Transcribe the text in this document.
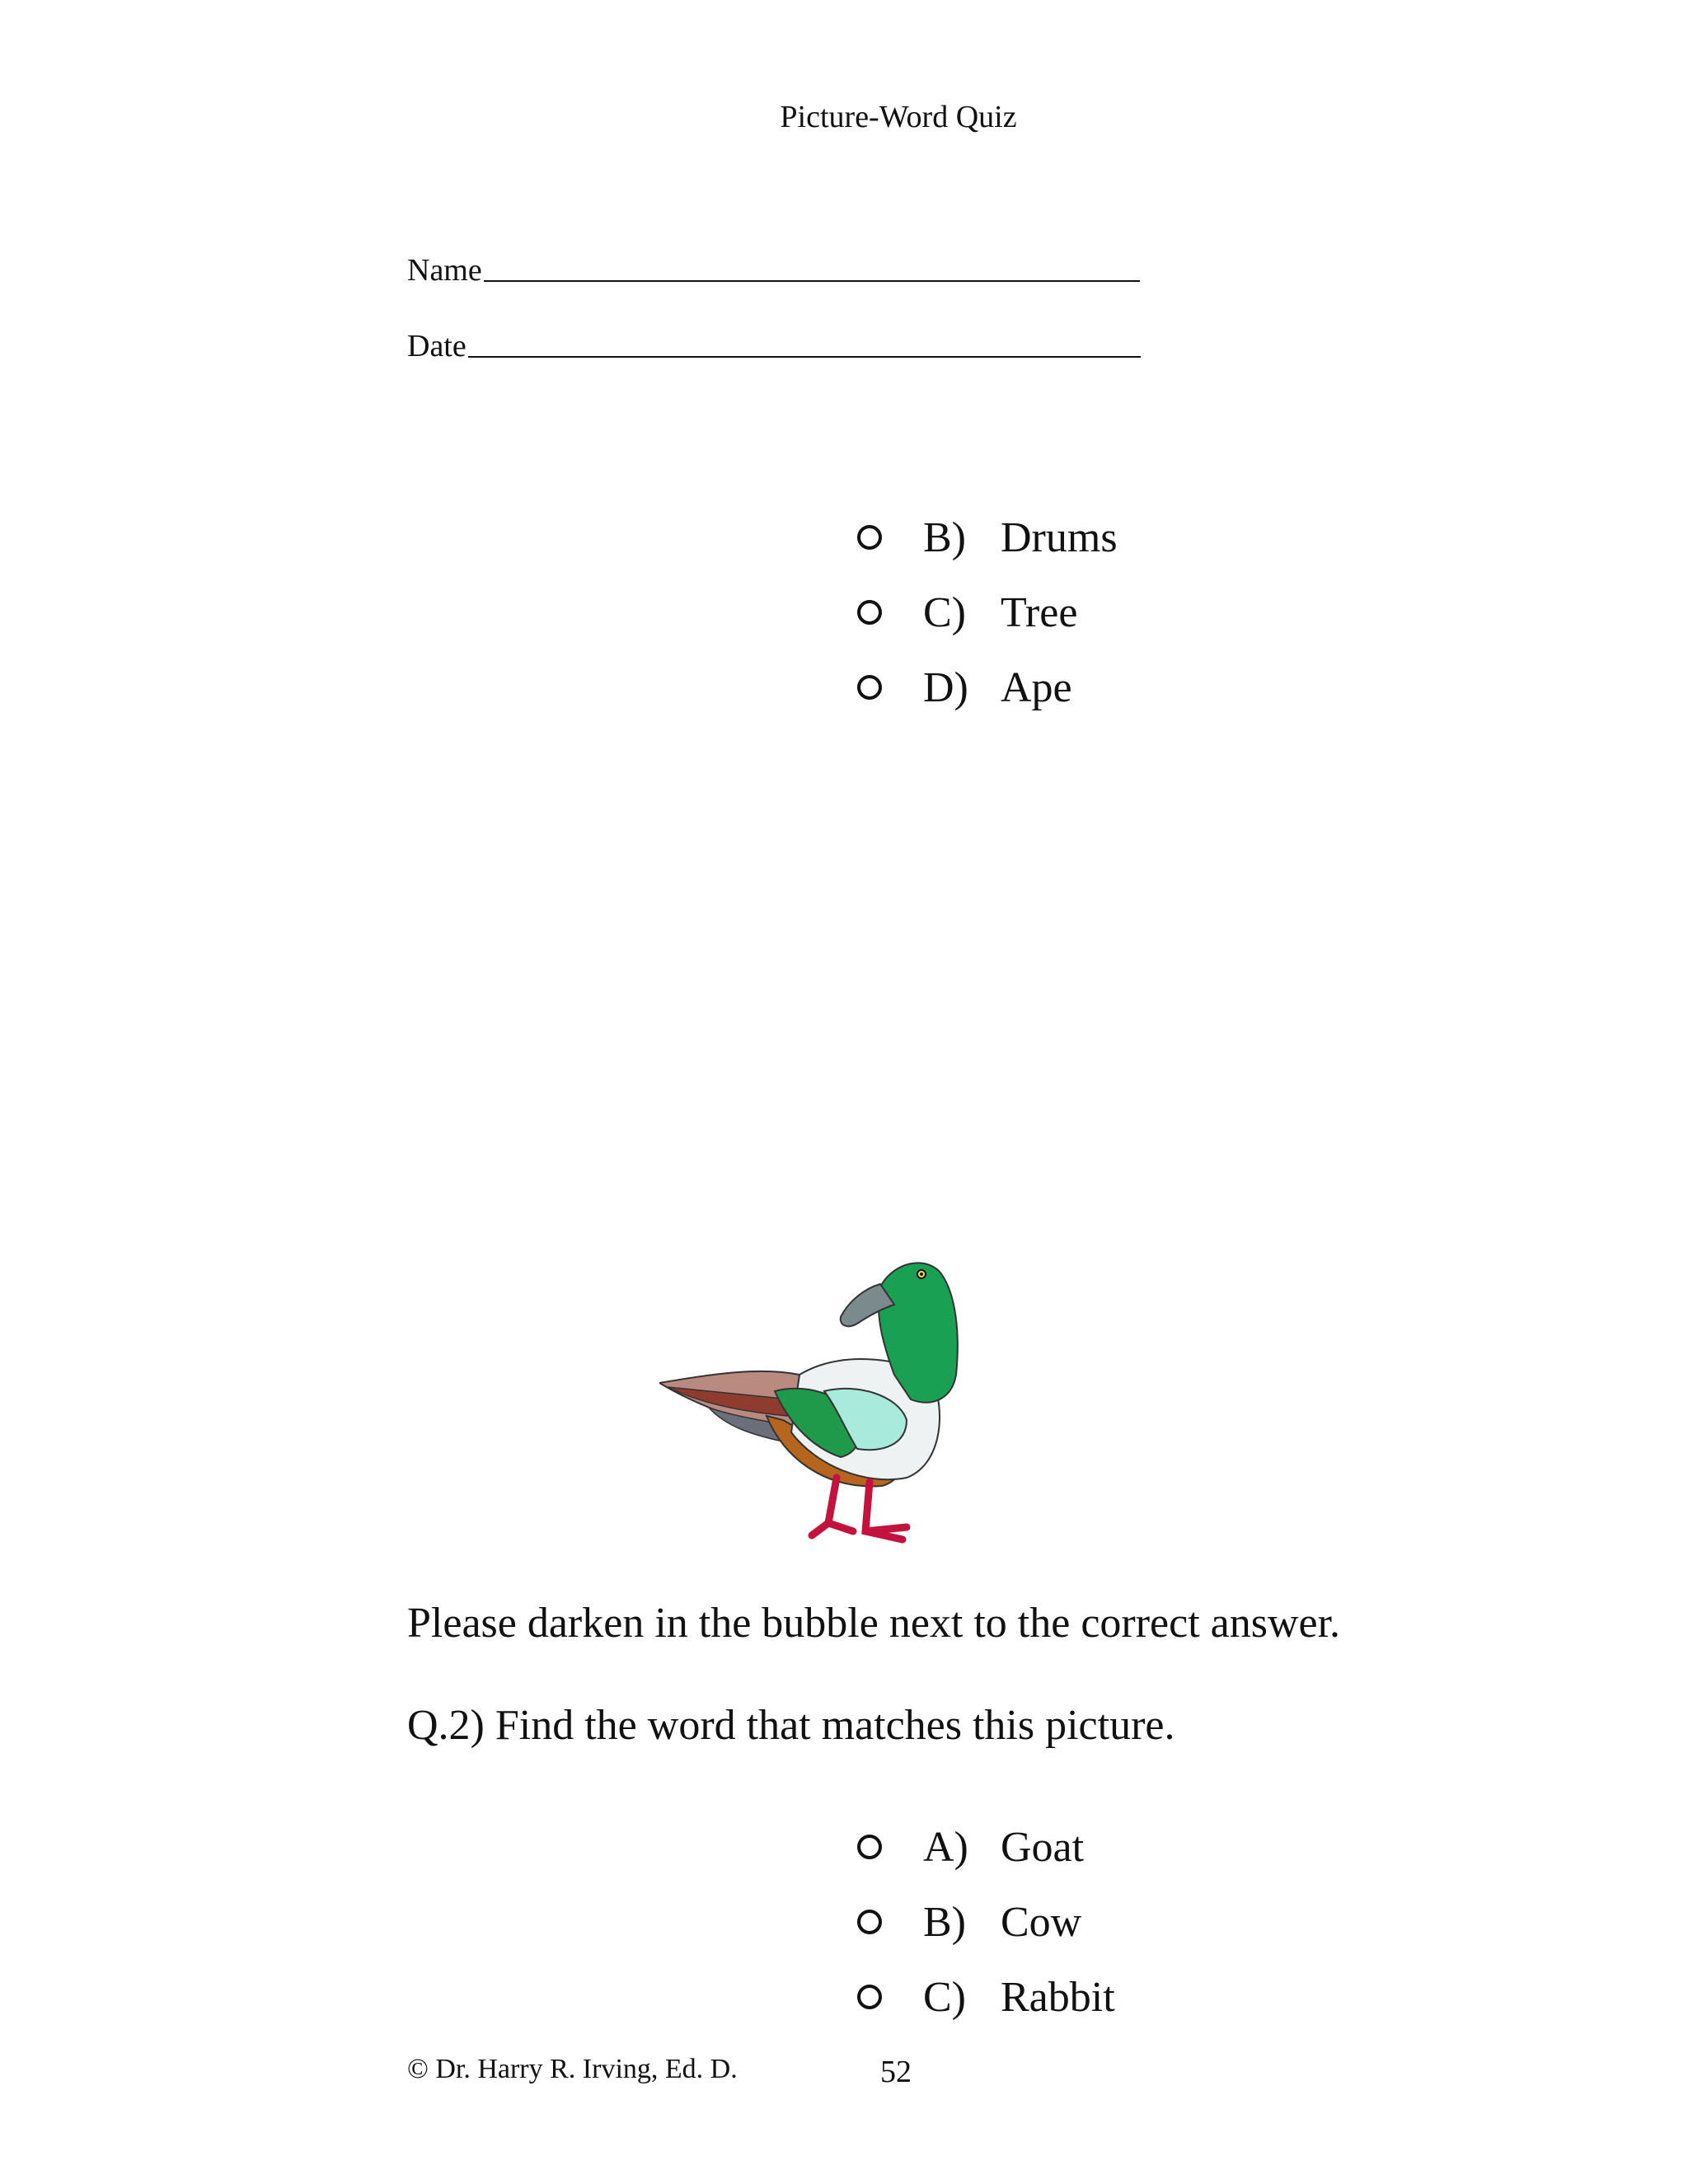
Picture-Word Quiz
Name
Date
B) Drums
C) Tree
D) Ape
Please darken in the bubble next to the correct answer.
Q.2) Find the word that matches this picture.
A) Goat
B) Cow
C) Rabbit
© Dr. Harry R. Irving, Ed. D.	52
